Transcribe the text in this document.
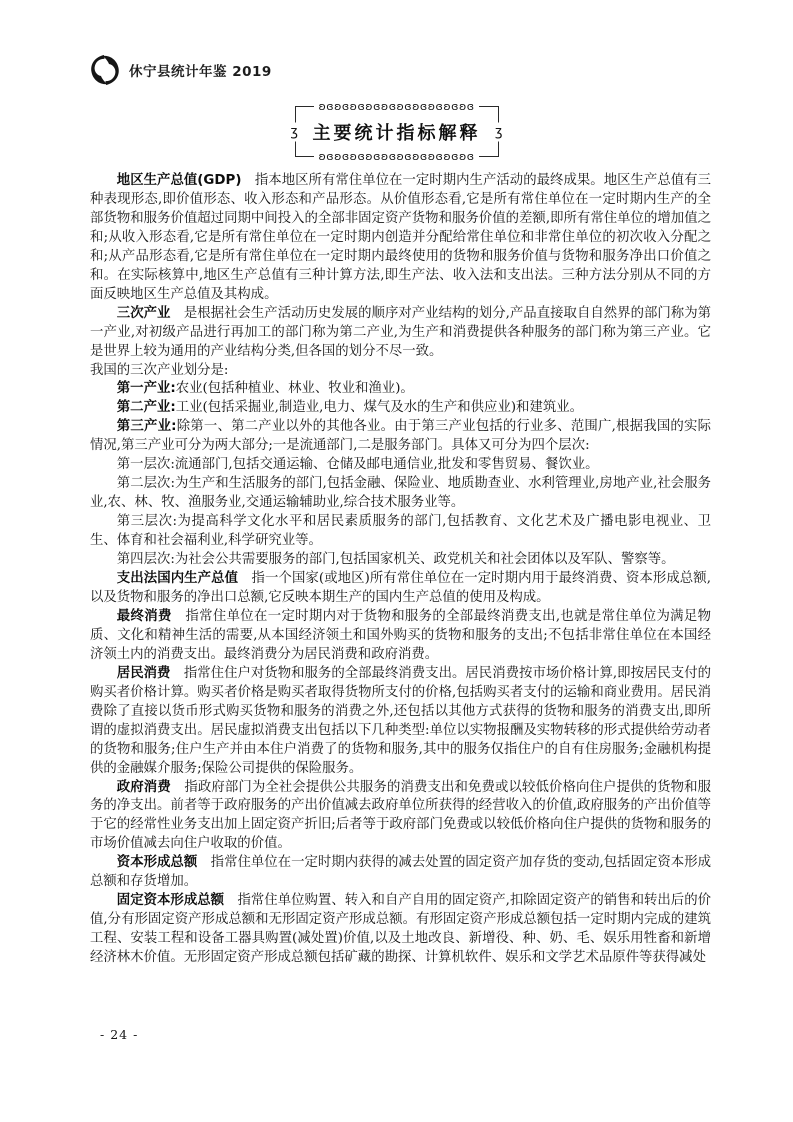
休宁县统计年鉴 2019
ʚɞʚɞʚɞʚɞʚɞʚɞʚɞʚɞʚɞʚɞ
ʒ 主要统计指标解释 ʒ
ʚɞʚɞʚɞʚɞʚɞʚɞʚɞʚɞʚɞʚɞ

地区生产总值(GDP)　指本地区所有常住单位在一定时期内生产活动的最终成果。地区生产总值有三种表现形态,即价值形态、收入形态和产品形态。从价值形态看,它是所有常住单位在一定时期内生产的全部货物和服务价值超过同期中间投入的全部非固定资产货物和服务价值的差额,即所有常住单位的增加值之和;从收入形态看,它是所有常住单位在一定时期内创造并分配给常住单位和非常住单位的初次收入分配之和;从产品形态看,它是所有常住单位在一定时期内最终使用的货物和服务价值与货物和服务净出口价值之和。在实际核算中,地区生产总值有三种计算方法,即生产法、收入法和支出法。三种方法分别从不同的方面反映地区生产总值及其构成。

三次产业　是根据社会生产活动历史发展的顺序对产业结构的划分,产品直接取自自然界的部门称为第一产业,对初级产品进行再加工的部门称为第二产业,为生产和消费提供各种服务的部门称为第三产业。它是世界上较为通用的产业结构分类,但各国的划分不尽一致。

我国的三次产业划分是:

第一产业:农业(包括种植业、林业、牧业和渔业)。

第二产业:工业(包括采掘业,制造业,电力、煤气及水的生产和供应业)和建筑业。

第三产业:除第一、第二产业以外的其他各业。由于第三产业包括的行业多、范围广,根据我国的实际情况,第三产业可分为两大部分;一是流通部门,二是服务部门。具体又可分为四个层次:

第一层次:流通部门,包括交通运输、仓储及邮电通信业,批发和零售贸易、餐饮业。

第二层次:为生产和生活服务的部门,包括金融、保险业、地质勘查业、水利管理业,房地产业,社会服务业,农、林、牧、渔服务业,交通运输辅助业,综合技术服务业等。

第三层次:为提高科学文化水平和居民素质服务的部门,包括教育、文化艺术及广播电影电视业、卫生、体育和社会福利业,科学研究业等。

第四层次:为社会公共需要服务的部门,包括国家机关、政党机关和社会团体以及军队、警察等。

支出法国内生产总值　指一个国家(或地区)所有常住单位在一定时期内用于最终消费、资本形成总额,以及货物和服务的净出口总额,它反映本期生产的国内生产总值的使用及构成。

最终消费　指常住单位在一定时期内对于货物和服务的全部最终消费支出,也就是常住单位为满足物质、文化和精神生活的需要,从本国经济领土和国外购买的货物和服务的支出;不包括非常住单位在本国经济领土内的消费支出。最终消费分为居民消费和政府消费。

居民消费　指常住住户对货物和服务的全部最终消费支出。居民消费按市场价格计算,即按居民支付的购买者价格计算。购买者价格是购买者取得货物所支付的价格,包括购买者支付的运输和商业费用。居民消费除了直接以货币形式购买货物和服务的消费之外,还包括以其他方式获得的货物和服务的消费支出,即所谓的虚拟消费支出。居民虚拟消费支出包括以下几种类型:单位以实物报酬及实物转移的形式提供给劳动者的货物和服务;住户生产并由本住户消费了的货物和服务,其中的服务仅指住户的自有住房服务;金融机构提供的金融媒介服务;保险公司提供的保险服务。

政府消费　指政府部门为全社会提供公共服务的消费支出和免费或以较低价格向住户提供的货物和服务的净支出。前者等于政府服务的产出价值减去政府单位所获得的经营收入的价值,政府服务的产出价值等于它的经常性业务支出加上固定资产折旧;后者等于政府部门免费或以较低价格向住户提供的货物和服务的市场价值减去向住户收取的价值。

资本形成总额　指常住单位在一定时期内获得的减去处置的固定资产加存货的变动,包括固定资本形成总额和存货增加。

固定资本形成总额　指常住单位购置、转入和自产自用的固定资产,扣除固定资产的销售和转出后的价值,分有形固定资产形成总额和无形固定资产形成总额。有形固定资产形成总额包括一定时期内完成的建筑工程、安装工程和设备工器具购置(减处置)价值,以及土地改良、新增役、种、奶、毛、娱乐用牲畜和新增经济林木价值。无形固定资产形成总额包括矿藏的勘探、计算机软件、娱乐和文学艺术品原件等获得减处

- 24 -
